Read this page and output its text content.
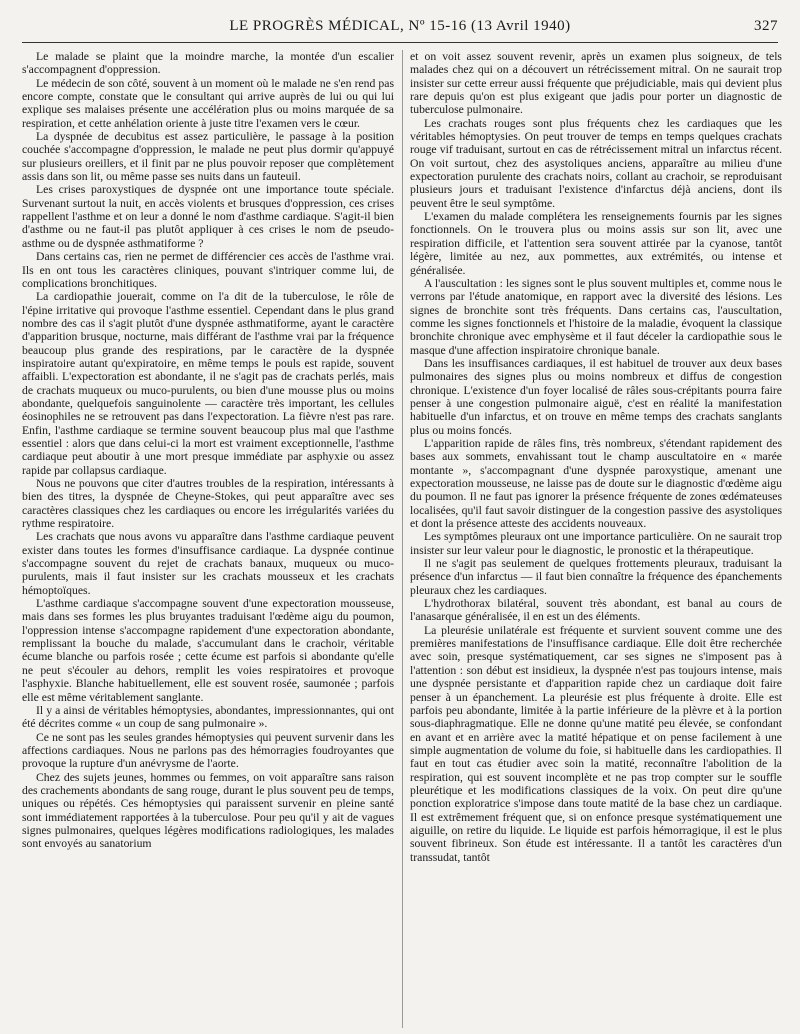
LE PROGRÈS MÉDICAL, Nº 15-16 (13 Avril 1940)	327

Le malade se plaint que la moindre marche, la montée d'un escalier s'accompagnent d'oppression.

Le médecin de son côté, souvent à un moment où le malade ne s'en rend pas encore compte, constate que le consultant qui arrive auprès de lui ou qui lui explique ses malaises présente une accélération plus ou moins marquée de sa respiration, et cette anhélation oriente à juste titre l'examen vers le cœur.

La dyspnée de decubitus est assez particulière, le passage à la position couchée s'accompagne d'oppression, le malade ne peut plus dormir qu'appuyé sur plusieurs oreillers, et il finit par ne plus pouvoir reposer que complètement assis dans son lit, ou même passe ses nuits dans un fauteuil.

Les crises paroxystiques de dyspnée ont une importance toute spéciale. Survenant surtout la nuit, en accès violents et brusques d'oppression, ces crises rappellent l'asthme et on leur a donné le nom d'asthme cardiaque. S'agit-il bien d'asthme ou ne faut-il pas plutôt appliquer à ces crises le nom de pseudo-asthme ou de dyspnée asthmatiforme ?

Dans certains cas, rien ne permet de différencier ces accès de l'asthme vrai. Ils en ont tous les caractères cliniques, pouvant s'intriquer comme lui, de complications bronchitiques.

La cardiopathie jouerait, comme on l'a dit de la tuberculose, le rôle de l'épine irritative qui provoque l'asthme essentiel. Cependant dans le plus grand nombre des cas il s'agit plutôt d'une dyspnée asthmatiforme, ayant le caractère d'apparition brusque, nocturne, mais différant de l'asthme vrai par la fréquence beaucoup plus grande des respirations, par le caractère de la dyspnée inspiratoire autant qu'expiratoire, en même temps le pouls est rapide, souvent affaibli. L'expectoration est abondante, il ne s'agit pas de crachats perlés, mais de crachats muqueux ou muco-purulents, ou bien d'une mousse plus ou moins abondante, quelquefois sanguinolente — caractère très important, les cellules éosinophiles ne se retrouvent pas dans l'expectoration. La fièvre n'est pas rare. Enfin, l'asthme cardiaque se termine souvent beaucoup plus mal que l'asthme essentiel : alors que dans celui-ci la mort est vraiment exceptionnelle, l'asthme cardiaque peut aboutir à une mort presque immédiate par asphyxie ou assez rapide par collapsus cardiaque.

Nous ne pouvons que citer d'autres troubles de la respiration, intéressants à bien des titres, la dyspnée de Cheyne-Stokes, qui peut apparaître avec ses caractères classiques chez les cardiaques ou encore les irrégularités variées du rythme respiratoire.

Les crachats que nous avons vu apparaître dans l'asthme cardiaque peuvent exister dans toutes les formes d'insuffisance cardiaque. La dyspnée continue s'accompagne souvent du rejet de crachats banaux, muqueux ou muco-purulents, mais il faut insister sur les crachats mousseux et les crachats hémoptoïques.

L'asthme cardiaque s'accompagne souvent d'une expectoration mousseuse, mais dans ses formes les plus bruyantes traduisant l'œdème aigu du poumon, l'oppression intense s'accompagne rapidement d'une expectoration abondante, remplissant la bouche du malade, s'accumulant dans le crachoir, véritable écume blanche ou parfois rosée ; cette écume est parfois si abondante qu'elle ne peut s'écouler au dehors, remplit les voies respiratoires et provoque l'asphyxie. Blanche habituellement, elle est souvent rosée, saumonée ; parfois elle est même véritablement sanglante.

Il y a ainsi de véritables hémoptysies, abondantes, impressionnantes, qui ont été décrites comme « un coup de sang pulmonaire ».

Ce ne sont pas les seules grandes hémoptysies qui peuvent survenir dans les affections cardiaques. Nous ne parlons pas des hémorragies foudroyantes que provoque la rupture d'un anévrysme de l'aorte.

Chez des sujets jeunes, hommes ou femmes, on voit apparaître sans raison des crachements abondants de sang rouge, durant le plus souvent peu de temps, uniques ou répétés. Ces hémoptysies qui paraissent survenir en pleine santé sont immédiatement rapportées à la tuberculose. Pour peu qu'il y ait de vagues signes pulmonaires, quelques légères modifications radiologiques, les malades sont envoyés au sanatorium

et on voit assez souvent revenir, après un examen plus soigneux, de tels malades chez qui on a découvert un rétrécissement mitral. On ne saurait trop insister sur cette erreur aussi fréquente que préjudiciable, mais qui devient plus rare depuis qu'on est plus exigeant que jadis pour porter un diagnostic de tuberculose pulmonaire.

Les crachats rouges sont plus fréquents chez les cardiaques que les véritables hémoptysies. On peut trouver de temps en temps quelques crachats rouge vif traduisant, surtout en cas de rétrécissement mitral un infarctus récent. On voit surtout, chez des asystoliques anciens, apparaître au milieu d'une expectoration purulente des crachats noirs, collant au crachoir, se reproduisant plusieurs jours et traduisant l'existence d'infarctus déjà anciens, dont ils peuvent être le seul symptôme.

L'examen du malade complétera les renseignements fournis par les signes fonctionnels. On le trouvera plus ou moins assis sur son lit, avec une respiration difficile, et l'attention sera souvent attirée par la cyanose, tantôt légère, limitée au nez, aux pommettes, aux extrémités, ou intense et généralisée.

A l'auscultation : les signes sont le plus souvent multiples et, comme nous le verrons par l'étude anatomique, en rapport avec la diversité des lésions. Les signes de bronchite sont très fréquents. Dans certains cas, l'auscultation, comme les signes fonctionnels et l'histoire de la maladie, évoquent la classique bronchite chronique avec emphysème et il faut déceler la cardiopathie sous le masque d'une affection inspiratoire chronique banale.

Dans les insuffisances cardiaques, il est habituel de trouver aux deux bases pulmonaires des signes plus ou moins nombreux et diffus de congestion chronique. L'existence d'un foyer localisé de râles sous-crépitants pourra faire penser à une congestion pulmonaire aiguë, c'est en réalité la manifestation habituelle d'un infarctus, et on trouve en même temps des crachats sanglants plus ou moins foncés.

L'apparition rapide de râles fins, très nombreux, s'étendant rapidement des bases aux sommets, envahissant tout le champ auscultatoire en « marée montante », s'accompagnant d'une dyspnée paroxystique, amenant une expectoration mousseuse, ne laisse pas de doute sur le diagnostic d'œdème aigu du poumon. Il ne faut pas ignorer la présence fréquente de zones œdémateuses localisées, qu'il faut savoir distinguer de la congestion passive des asystoliques et dont la présence atteste des accidents nouveaux.

Les symptômes pleuraux ont une importance particulière. On ne saurait trop insister sur leur valeur pour le diagnostic, le pronostic et la thérapeutique.

Il ne s'agit pas seulement de quelques frottements pleuraux, traduisant la présence d'un infarctus — il faut bien connaître la fréquence des épanchements pleuraux chez les cardiaques.

L'hydrothorax bilatéral, souvent très abondant, est banal au cours de l'anasarque généralisée, il en est un des éléments.

La pleurésie unilatérale est fréquente et survient souvent comme une des premières manifestations de l'insuffisance cardiaque. Elle doit être recherchée avec soin, presque systématiquement, car ses signes ne s'imposent pas à l'attention : son début est insidieux, la dyspnée n'est pas toujours intense, mais une dyspnée persistante et d'apparition rapide chez un cardiaque doit faire penser à un épanchement. La pleurésie est plus fréquente à droite. Elle est parfois peu abondante, limitée à la partie inférieure de la plèvre et à la portion sous-diaphragmatique. Elle ne donne qu'une matité peu élevée, se confondant en avant et en arrière avec la matité hépatique et on pense facilement à une simple augmentation de volume du foie, si habituelle dans les cardiopathies. Il faut en tout cas étudier avec soin la matité, reconnaître l'abolition de la respiration, qui est souvent incomplète et ne pas trop compter sur le souffle pleurétique et les modifications classiques de la voix. On peut dire qu'une ponction exploratrice s'impose dans toute matité de la base chez un cardiaque. Il est extrêmement fréquent que, si on enfonce presque systématiquement une aiguille, on retire du liquide. Le liquide est parfois hémorragique, il est le plus souvent fibrineux. Son étude est intéressante. Il a tantôt les caractères d'un transsudat, tantôt
